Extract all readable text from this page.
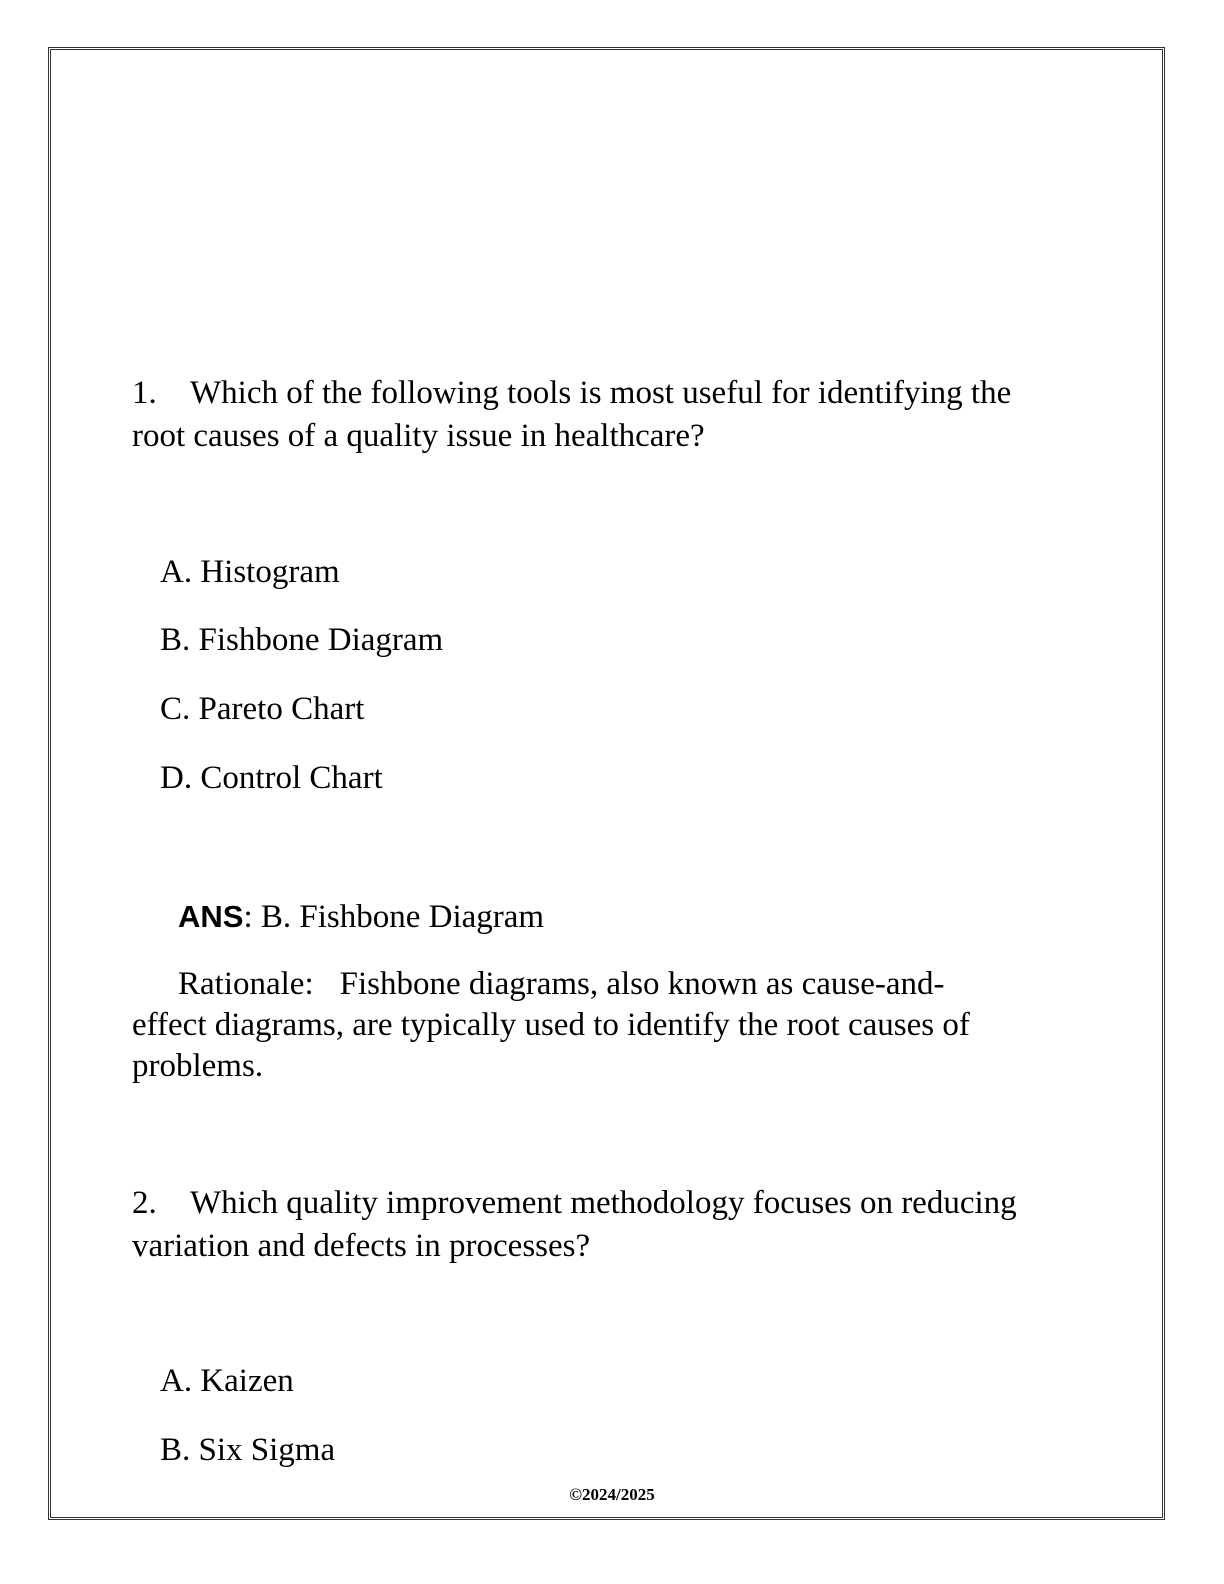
1. Which of the following tools is most useful for identifying the
root causes of a quality issue in healthcare?
A. Histogram
B. Fishbone Diagram
C. Pareto Chart
D. Control Chart
ANS: B. Fishbone Diagram
Rationale: Fishbone diagrams, also known as cause-and-
effect diagrams, are typically used to identify the root causes of
problems.
2. Which quality improvement methodology focuses on reducing
variation and defects in processes?
A. Kaizen
B. Six Sigma
©2024/2025
